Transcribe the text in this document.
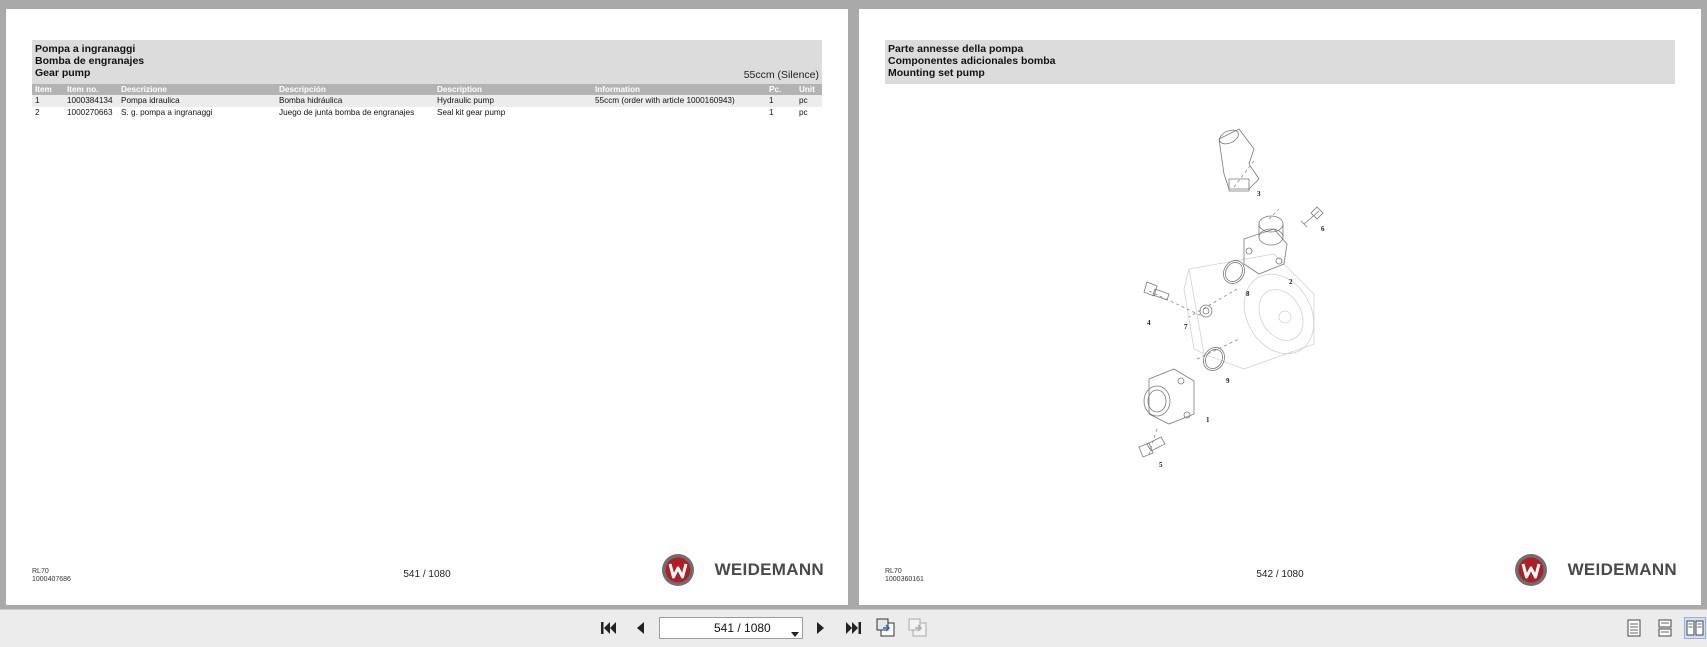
Pompa a ingranaggi
Bomba de engranajes
Gear pump	55ccm (Silence)
Item	Item no.	Descrizione	Descripción	Description	Information	Pc.	Unit
1	1000384134	Pompa idraulica	Bomba hidráulica	Hydraulic pump	55ccm (order with article 1000160943)	1	pc
2	1000270663	S. g. pompa a ingranaggi	Juego de junta bomba de engranajes	Seal kit gear pump		1	pc
RL70
1000407686	541 / 1080	WEIDEMANN
Parte annesse della pompa
Componentes adicionales bomba
Mounting set pump
3
2
6
8
4	7
9
1
5
RL70
1000360161	542 / 1080	WEIDEMANN
541 / 1080
